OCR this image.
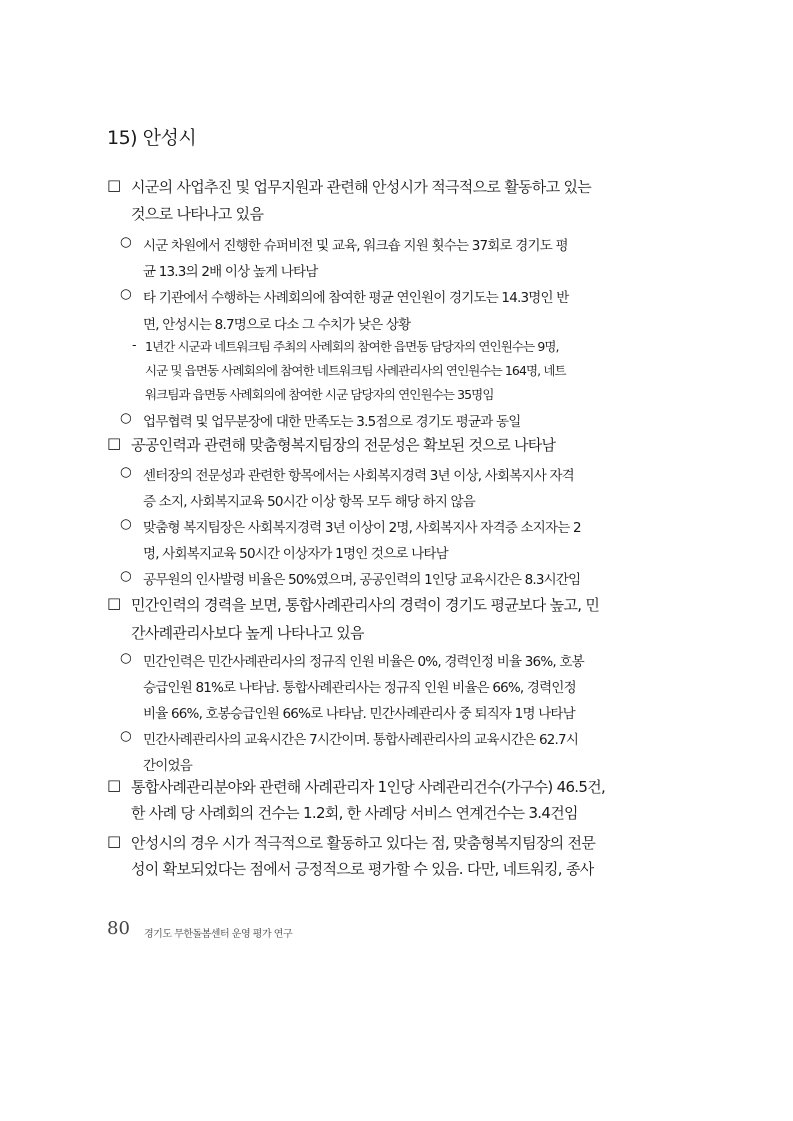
15) 안성시
□ 시군의 사업추진 및 업무지원과 관련해 안성시가 적극적으로 활동하고 있는
것으로 나타나고 있음
○ 시군 차원에서 진행한 슈퍼비전 및 교육, 워크숍 지원 횟수는 37회로 경기도 평
균 13.3의 2배 이상 높게 나타남
○ 타 기관에서 수행하는 사례회의에 참여한 평균 연인원이 경기도는 14.3명인 반
면, 안성시는 8.7명으로 다소 그 수치가 낮은 상황
- 1년간 시군과 네트워크팀 주최의 사례회의 참여한 읍면동 담당자의 연인원수는 9명,
시군 및 읍면동 사례회의에 참여한 네트워크팀 사례관리사의 연인원수는 164명, 네트
워크팀과 읍면동 사례회의에 참여한 시군 담당자의 연인원수는 35명임
○ 업무협력 및 업무분장에 대한 만족도는 3.5점으로 경기도 평균과 동일
□ 공공인력과 관련해 맞춤형복지팀장의 전문성은 확보된 것으로 나타남
○ 센터장의 전문성과 관련한 항목에서는 사회복지경력 3년 이상, 사회복지사 자격
증 소지, 사회복지교육 50시간 이상 항목 모두 해당 하지 않음
○ 맞춤형 복지팀장은 사회복지경력 3년 이상이 2명, 사회복지사 자격증 소지자는 2
명, 사회복지교육 50시간 이상자가 1명인 것으로 나타남
○ 공무원의 인사발령 비율은 50%였으며, 공공인력의 1인당 교육시간은 8.3시간임
□ 민간인력의 경력을 보면, 통합사례관리사의 경력이 경기도 평균보다 높고, 민
간사례관리사보다 높게 나타나고 있음
○ 민간인력은 민간사례관리사의 정규직 인원 비율은 0%, 경력인정 비율 36%, 호봉
승급인원 81%로 나타남. 통합사례관리사는 정규직 인원 비율은 66%, 경력인정
비율 66%, 호봉승급인원 66%로 나타남. 민간사례관리사 중 퇴직자 1명 나타남
○ 민간사례관리사의 교육시간은 7시간이며. 통합사례관리사의 교육시간은 62.7시
간이었음
□ 통합사례관리분야와 관련해 사례관리자 1인당 사례관리건수(가구수) 46.5건,
한 사례 당 사례회의 건수는 1.2회, 한 사례당 서비스 연계건수는 3.4건임
□ 안성시의 경우 시가 적극적으로 활동하고 있다는 점, 맞춤형복지팀장의 전문
성이 확보되었다는 점에서 긍정적으로 평가할 수 있음. 다만, 네트워킹, 종사
80 경기도 무한돌봄센터 운영 평가 연구
